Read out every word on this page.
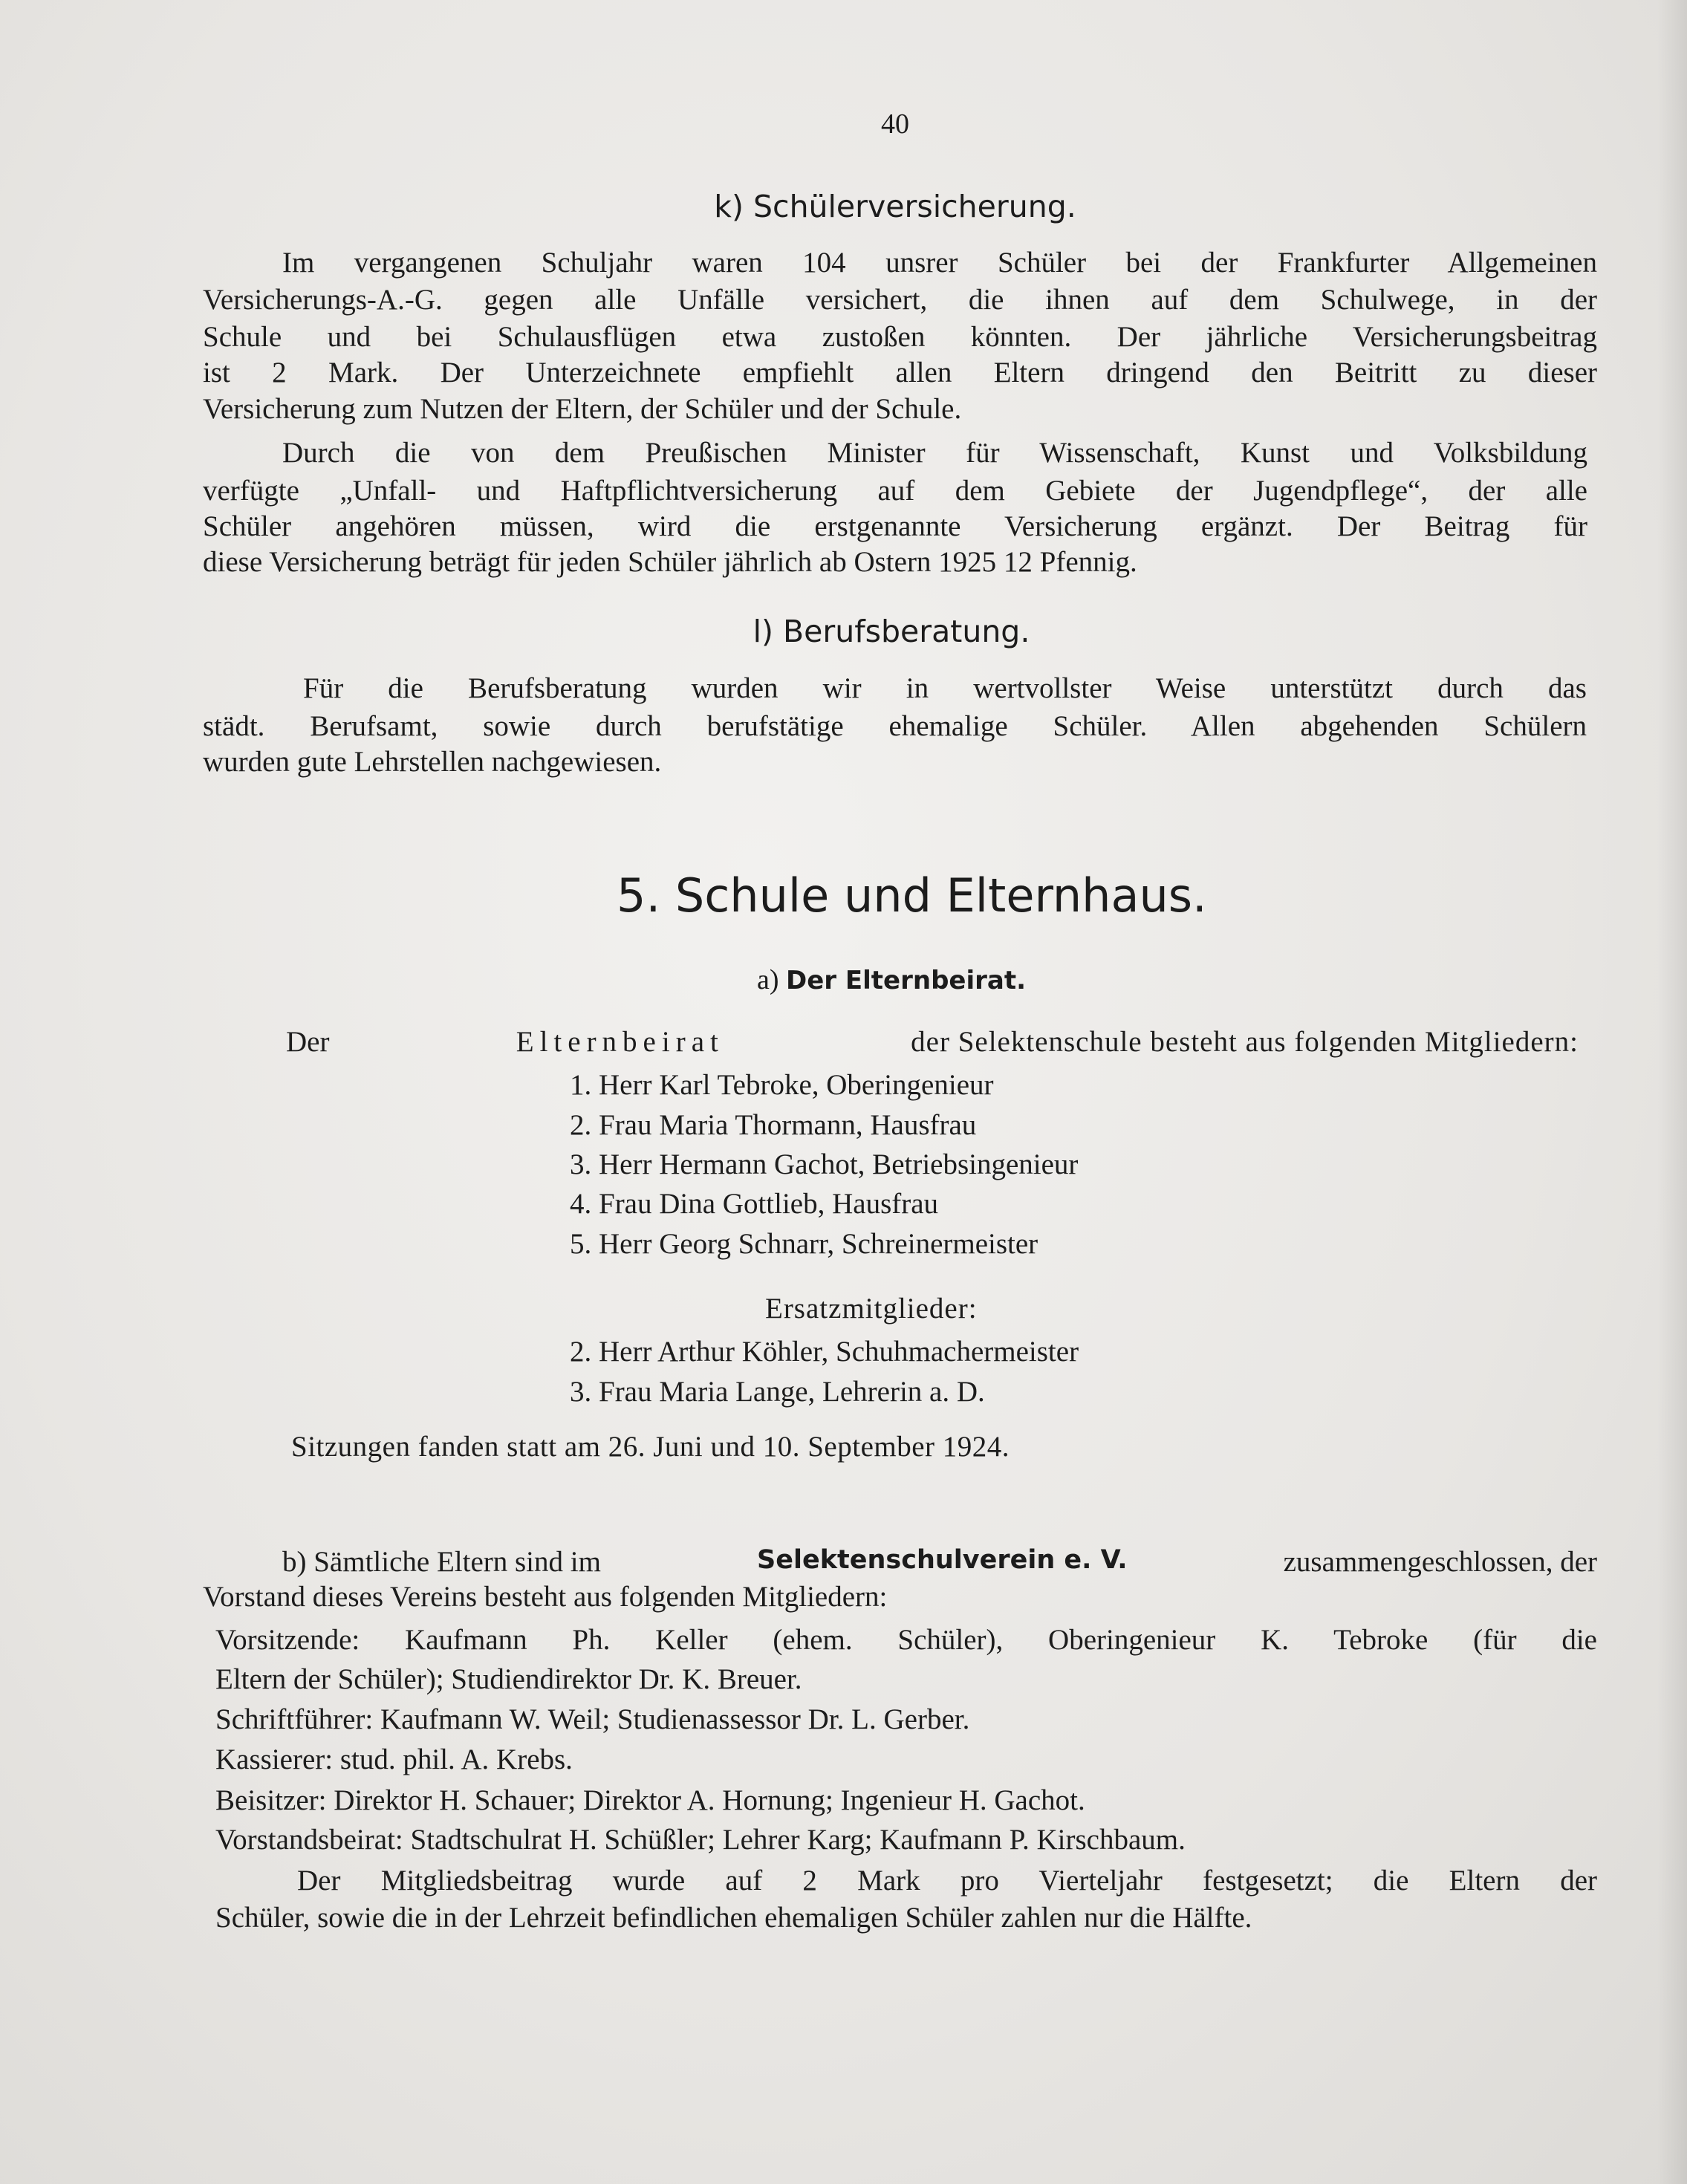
40
k) Schülerversicherung.
Im vergangenen Schuljahr waren 104 unsrer Schüler bei der Frankfurter Allgemeinen
Versicherungs-A.-G. gegen alle Unfälle versichert, die ihnen auf dem Schulwege, in der
Schule und bei Schulausflügen etwa zustoßen könnten. Der jährliche Versicherungsbeitrag
ist 2 Mark. Der Unterzeichnete empfiehlt allen Eltern dringend den Beitritt zu dieser
Versicherung zum Nutzen der Eltern, der Schüler und der Schule.
Durch die von dem Preußischen Minister für Wissenschaft, Kunst und Volksbildung
verfügte „Unfall- und Haftpflichtversicherung auf dem Gebiete der Jugendpflege“, der alle
Schüler angehören müssen, wird die erstgenannte Versicherung ergänzt. Der Beitrag für
diese Versicherung beträgt für jeden Schüler jährlich ab Ostern 1925 12 Pfennig.
l) Berufsberatung.
Für die Berufsberatung wurden wir in wertvollster Weise unterstützt durch das
städt. Berufsamt, sowie durch berufstätige ehemalige Schüler. Allen abgehenden Schülern
wurden gute Lehrstellen nachgewiesen.
5. Schule und Elternhaus.
a) Der Elternbeirat.
Der	Elternbeirat	der Selektenschule besteht aus folgenden Mitgliedern:
1. Herr Karl Tebroke, Oberingenieur
2. Frau Maria Thormann, Hausfrau
3. Herr Hermann Gachot, Betriebsingenieur
4. Frau Dina Gottlieb, Hausfrau
5. Herr Georg Schnarr, Schreinermeister
Ersatzmitglieder:
2. Herr Arthur Köhler, Schuhmachermeister
3. Frau Maria Lange, Lehrerin a. D.
Sitzungen fanden statt am 26. Juni und 10. September 1924.
b) Sämtliche Eltern sind im	Selektenschulverein e. V.	zusammengeschlossen, der
Vorstand dieses Vereins besteht aus folgenden Mitgliedern:
Vorsitzende: Kaufmann Ph. Keller (ehem. Schüler), Oberingenieur K. Tebroke (für die
Eltern der Schüler); Studiendirektor Dr. K. Breuer.
Schriftführer: Kaufmann W. Weil; Studienassessor Dr. L. Gerber.
Kassierer: stud. phil. A. Krebs.
Beisitzer: Direktor H. Schauer; Direktor A. Hornung; Ingenieur H. Gachot.
Vorstandsbeirat: Stadtschulrat H. Schüßler; Lehrer Karg; Kaufmann P. Kirschbaum.
Der Mitgliedsbeitrag wurde auf 2 Mark pro Vierteljahr festgesetzt; die Eltern der
Schüler, sowie die in der Lehrzeit befindlichen ehemaligen Schüler zahlen nur die Hälfte.
